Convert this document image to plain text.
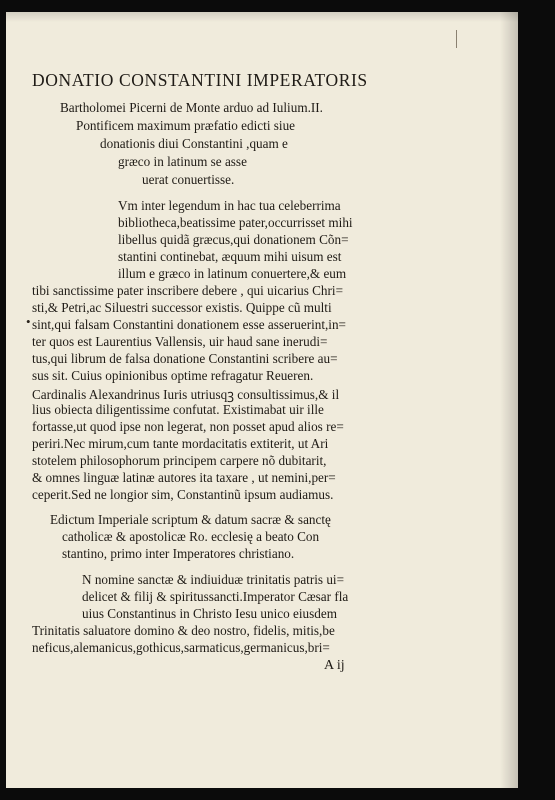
DONATIO CONSTANTINI IMPERATORIS
Bartholomei Picerni de Monte arduo ad Iulium.II.
Pontificem maximum præfatio edicti siue
donationis diui Constantini ,quam e
græco in latinum se asse
uerat conuertisse.
Vm inter legendum in hac tua celeberrima
bibliotheca,beatissime pater,occurrisset mihi
libellus quidã græcus,qui donationem Cõn=
stantini continebat, æquum mihi uisum est
illum e græco in latinum conuertere,& eum
tibi sanctissime pater inscribere debere , qui uicarius Chri=
sti,& Petri,ac Siluestri successor existis. Quippe cũ multi
• sint,qui falsam Constantini donationem esse asseruerint,in=
ter quos est Laurentius Vallensis, uir haud sane inerudi=
tus,qui librum de falsa donatione Constantini scribere au=
sus sit. Cuius opinionibus optime refragatur Reueren.
Cardinalis Alexandrinus Iuris utriusqꝫ consultissimus,& il
lius obiecta diligentissime confutat. Existimabat uir ille
fortasse,ut quod ipse non legerat, non posset apud alios re=
periri.Nec mirum,cum tante mordacitatis extiterit, ut Ari
stotelem philosophorum principem carpere nõ dubitarit,
& omnes linguæ latinæ autores ita taxare , ut nemini,per=
ceperit.Sed ne longior sim, Constantinũ ipsum audiamus.
Edictum Imperiale scriptum & datum sacræ & sanctę
catholicæ & apostolicæ Ro. ecclesię a beato Con
stantino, primo inter Imperatores christiano.
N nomine sanctæ & indiuiduæ trinitatis patris ui=
delicet & filij & spiritussancti.Imperator Cæsar fla
uius Constantinus in Christo Iesu unico eiusdem
Trinitatis saluatore domino & deo nostro, fidelis, mitis,be
neficus,alemanicus,gothicus,sarmaticus,germanicus,bri=
A ij
